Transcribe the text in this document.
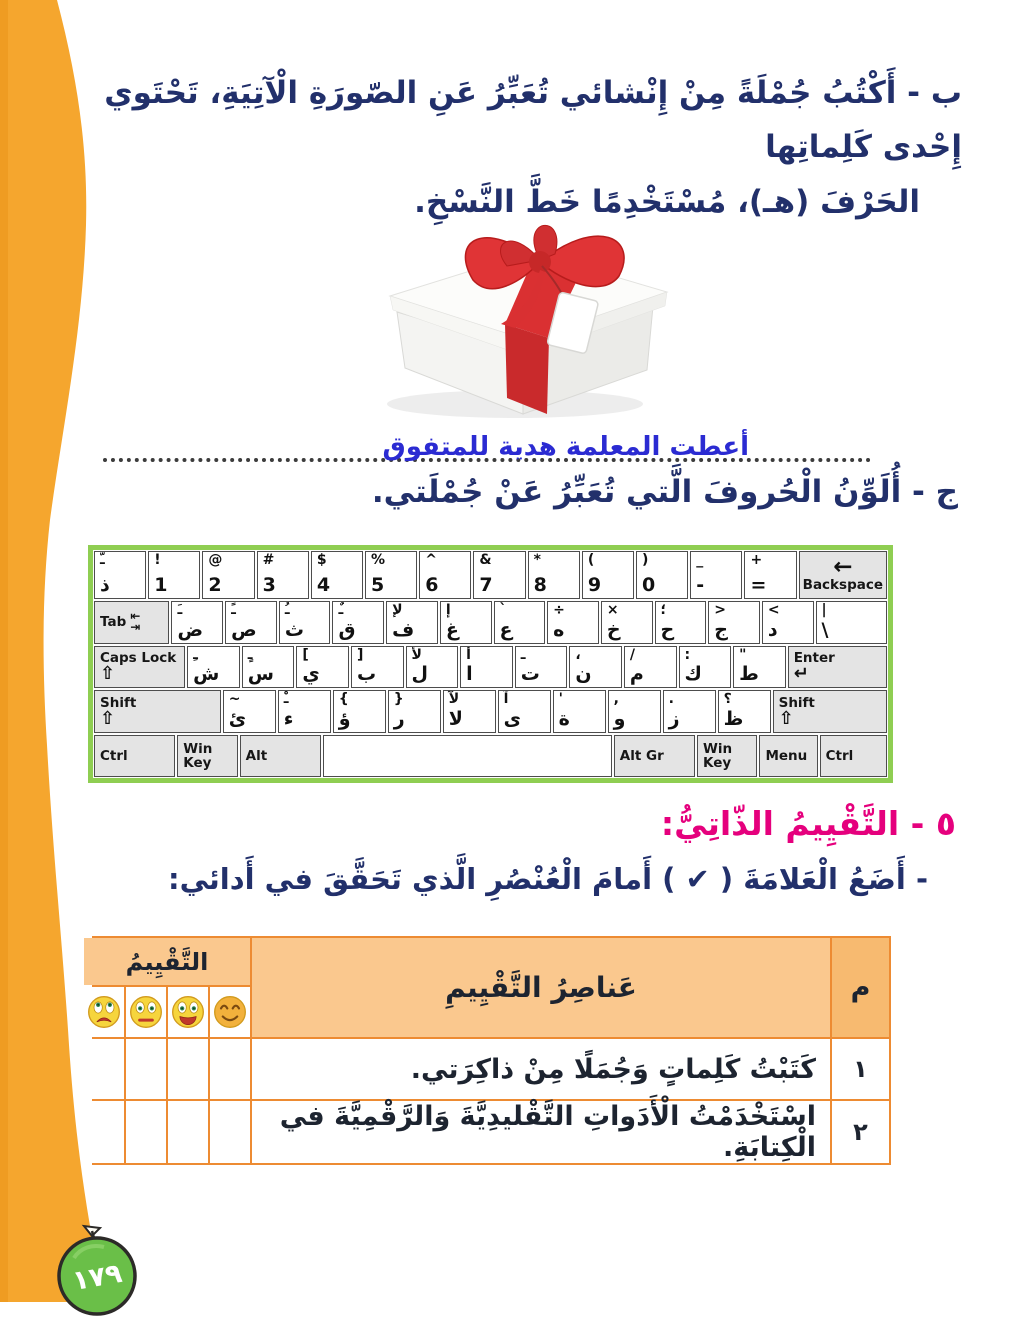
ب - أَكْتُبُ جُمْلَةً مِنْ إِنْشائي تُعَبِّرُ عَنِ الصّورَةِ الْآتِيَةِ، تَحْتَوي إِحْدى كَلِماتِها
الحَرْفَ (هـ)، مُسْتَخْدِمًا خَطَّ النَّسْخِ.
أعطت المعلمة هدية للمتفوق
ج - أُلَوِّنُ الْحُروفَ الَّتي تُعَبِّرُ عَنْ جُمْلَتي.
ـّ
ذ
!
1
@
2
#
3
$
4
%
5
^
6
&
7
*
8
(
9
)
0
_
-
+
=
←
Backspace
Tab ⇤
⇥
ـَ
ض
ـً
ص
ـُ
ث
ـٌ
ق
لإ
ف
إ
غ
`
ع
÷
ه
×
خ
؛
ح
>
ج
<
د
|
\
Caps Lock
⇧
ـِ
ش
ـٍ
س
[
ي
]
ب
لأ
ل
أ
ا
ـ
ت
،
ن
/
م
:
ك
"
ط
Enter
↵
Shift
⇧
~
ئ
ـْ
ء
{
ؤ
}
ر
لآ
لا
آ
ى
'
ة
,
و
.
ز
؟
ظ
Shift
⇧
Ctrl	Win Key	Alt	Alt Gr	Win Key	Menu Ctrl
٥ - التَّقْيِيمُ الذّاتِيُّ:
- أَضَعُ الْعَلامَةَ ( ✔ ) أَمامَ الْعُنْصُرِ الَّذي تَحَقَّقَ في أَدائي:
م
عَناصِرُ التَّقْيِيمِ
التَّقْيِيمُ
١
كَتَبْتُ كَلِماتٍ وَجُمَلًا مِنْ ذاكِرَتي.
٢
اسْتَخْدَمْتُ الْأَدَواتِ التَّقْليدِيَّةَ وَالرَّقْمِيَّةَ في الْكِتابَةِ.
١٧٩
